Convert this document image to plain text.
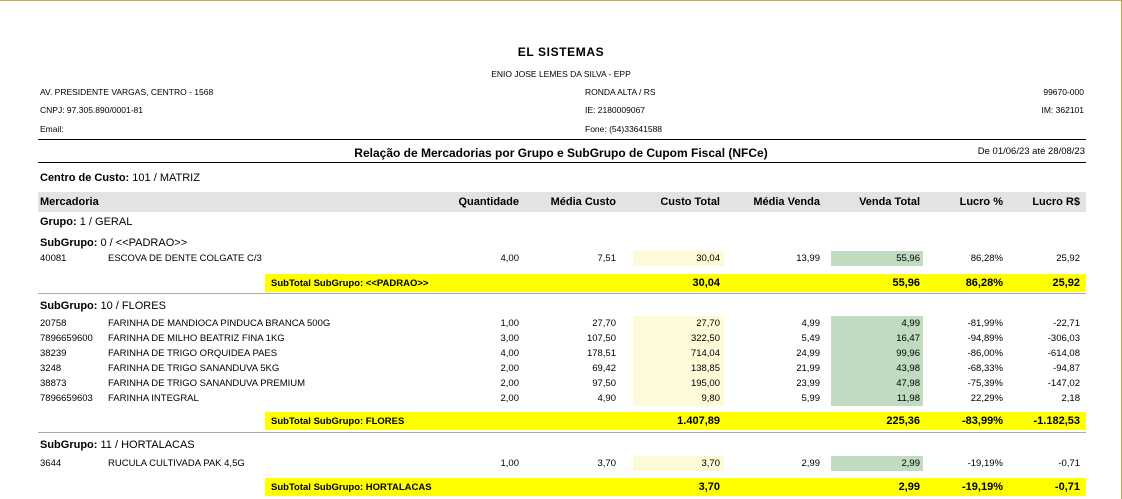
EL SISTEMAS
ENIO JOSE LEMES DA SILVA - EPP
AV. PRESIDENTE VARGAS, CENTRO - 1568	RONDA ALTA / RS	99670-000
CNPJ: 97.305.890/0001-81	IE: 2180009067	IM: 362101
Email:	Fone: (54)33641588
Relação de Mercadorias por Grupo e SubGrupo de Cupom Fiscal (NFCe)	De 01/06/23 até 28/08/23
Centro de Custo: 101 / MATRIZ
Mercadoria	Quantidade	Média Custo	Custo Total	Média Venda	Venda Total	Lucro %	Lucro R$
Grupo: 1 / GERAL
SubGrupo: 0 / <<PADRAO>>
40081	ESCOVA DE DENTE COLGATE C/3	4,00	7,51	30,04	13,99	55,96	86,28%	25,92
SubTotal SubGrupo: <<PADRAO>>	30,04	55,96	86,28%	25,92
SubGrupo: 10 / FLORES
20758	FARINHA DE MANDIOCA PINDUCA BRANCA 500G	1,00	27,70	27,70	4,99	4,99	-81,99%	-22,71
7896659600 FARINHA DE MILHO BEATRIZ FINA 1KG	3,00	107,50	322,50	5,49	16,47	-94,89%	-306,03
38239	FARINHA DE TRIGO ORQUIDEA PAES	4,00	178,51	714,04	24,99	99,96	-86,00%	-614,08
3248	FARINHA DE TRIGO SANANDUVA 5KG	2,00	69,42	138,85	21,99	43,98	-68,33%	-94,87
38873	FARINHA DE TRIGO SANANDUVA PREMIUM	2,00	97,50	195,00	23,99	47,98	-75,39%	-147,02
7896659603 FARINHA INTEGRAL	2,00	4,90	9,80	5,99	11,98	22,29%	2,18
SubTotal SubGrupo: FLORES	1.407,89	225,36	-83,99%	-1.182,53
SubGrupo: 11 / HORTALACAS
3644	RUCULA CULTIVADA PAK 4,5G	1,00	3,70	3,70	2,99	2,99	-19,19%	-0,71
SubTotal SubGrupo: HORTALACAS	3,70	2,99	-19,19%	-0,71
